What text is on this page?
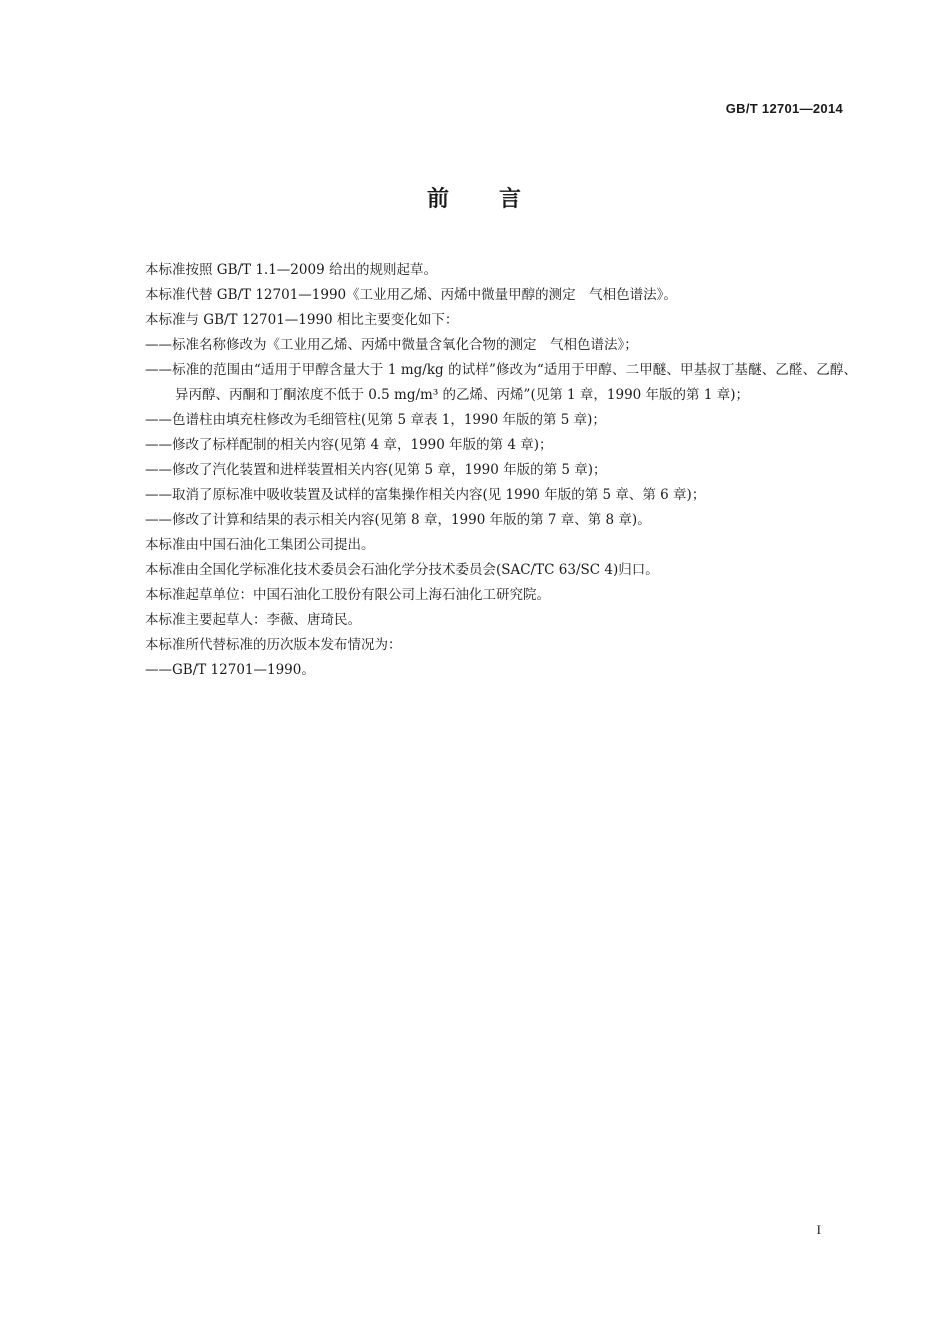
GB/T 12701—2014
前　　言

本标准按照 GB/T 1.1—2009 给出的规则起草。

本标准代替 GB/T 12701—1990《工业用乙烯、丙烯中微量甲醇的测定　气相色谱法》。

本标准与 GB/T 12701—1990 相比主要变化如下：

——标准名称修改为《工业用乙烯、丙烯中微量含氧化合物的测定　气相色谱法》；

——标准的范围由“适用于甲醇含量大于 1 mg/kg 的试样”修改为“适用于甲醇、二甲醚、甲基叔丁基醚、乙醛、乙醇、异丙醇、丙酮和丁酮浓度不低于 0.5 mg/m³ 的乙烯、丙烯”(见第 1 章，1990 年版的第 1 章)；

——色谱柱由填充柱修改为毛细管柱(见第 5 章表 1，1990 年版的第 5 章)；

——修改了标样配制的相关内容(见第 4 章，1990 年版的第 4 章)；

——修改了汽化装置和进样装置相关内容(见第 5 章，1990 年版的第 5 章)；

——取消了原标准中吸收装置及试样的富集操作相关内容(见 1990 年版的第 5 章、第 6 章)；

——修改了计算和结果的表示相关内容(见第 8 章，1990 年版的第 7 章、第 8 章)。

本标准由中国石油化工集团公司提出。

本标准由全国化学标准化技术委员会石油化学分技术委员会(SAC/TC 63/SC 4)归口。

本标准起草单位：中国石油化工股份有限公司上海石油化工研究院。

本标准主要起草人：李薇、唐琦民。

本标准所代替标准的历次版本发布情况为：

——GB/T 12701—1990。

I
